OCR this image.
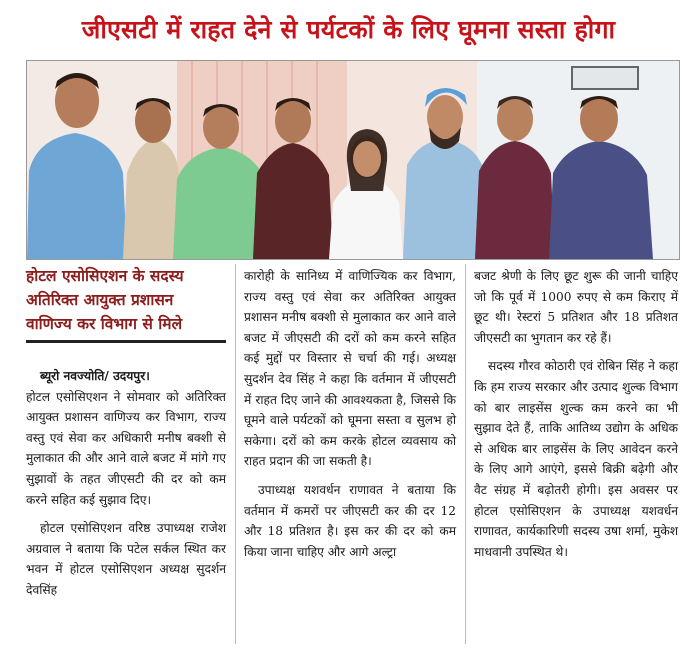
जीएसटी में राहत देने से पर्यटकों के लिए घूमना सस्ता होगा
होटल एसोसिएशन के सदस्य
अतिरिक्त आयुक्त प्रशासन
वाणिज्य कर विभाग से मिले

ब्यूरो नवज्योति/ उदयपुर।

होटल एसोसिएशन ने सोमवार को अतिरिक्त आयुक्त प्रशासन वाणिज्य कर विभाग, राज्य वस्तु एवं सेवा कर अधिकारी मनीष बक्शी से मुलाकात की और आने वाले बजट में मांगे गए सुझावों के तहत जीएसटी की दर को कम करने सहित कई सुझाव दिए।

होटल एसोसिएशन वरिष्ठ उपाध्यक्ष राजेश अग्रवाल ने बताया कि पटेल सर्कल स्थित कर भवन में होटल एसोसिएशन अध्यक्ष सुदर्शन देवसिंह

कारोही के सानिध्य में वाणिज्यिक कर विभाग, राज्य वस्तु एवं सेवा कर अतिरिक्त आयुक्त प्रशासन मनीष बक्शी से मुलाकात कर आने वाले बजट में जीएसटी की दरों को कम करने सहित कई मुद्दों पर विस्तार से चर्चा की गई। अध्यक्ष सुदर्शन देव सिंह ने कहा कि वर्तमान में जीएसटी में राहत दिए जाने की आवश्यकता है, जिससे कि घूमने वाले पर्यटकों को घूमना सस्ता व सुलभ हो सकेगा। दरों को कम करके होटल व्यवसाय को राहत प्रदान की जा सकती है।

उपाध्यक्ष यशवर्धन राणावत ने बताया कि वर्तमान में कमरों पर जीएसटी कर की दर 12 और 18 प्रतिशत है। इस कर की दर को कम किया जाना चाहिए और आगे अल्ट्रा

बजट श्रेणी के लिए छूट शुरू की जानी चाहिए जो कि पूर्व में 1000 रुपए से कम किराए में छूट थी। रेस्टरां 5 प्रतिशत और 18 प्रतिशत जीएसटी का भुगतान कर रहे हैं।

सदस्य गौरव कोठारी एवं रोबिन सिंह ने कहा कि हम राज्य सरकार और उत्पाद शुल्क विभाग को बार लाइसेंस शुल्क कम करने का भी सुझाव देते हैं, ताकि आतिथ्य उद्योग के अधिक से अधिक बार लाइसेंस के लिए आवेदन करने के लिए आगे आएंगे, इससे बिक्री बढ़ेगी और वैट संग्रह में बढ़ोतरी होगी। इस अवसर पर होटल एसोसिएशन के उपाध्यक्ष यशवर्धन राणावत, कार्यकारिणी सदस्य उषा शर्मा, मुकेश माधवानी उपस्थित थे।
